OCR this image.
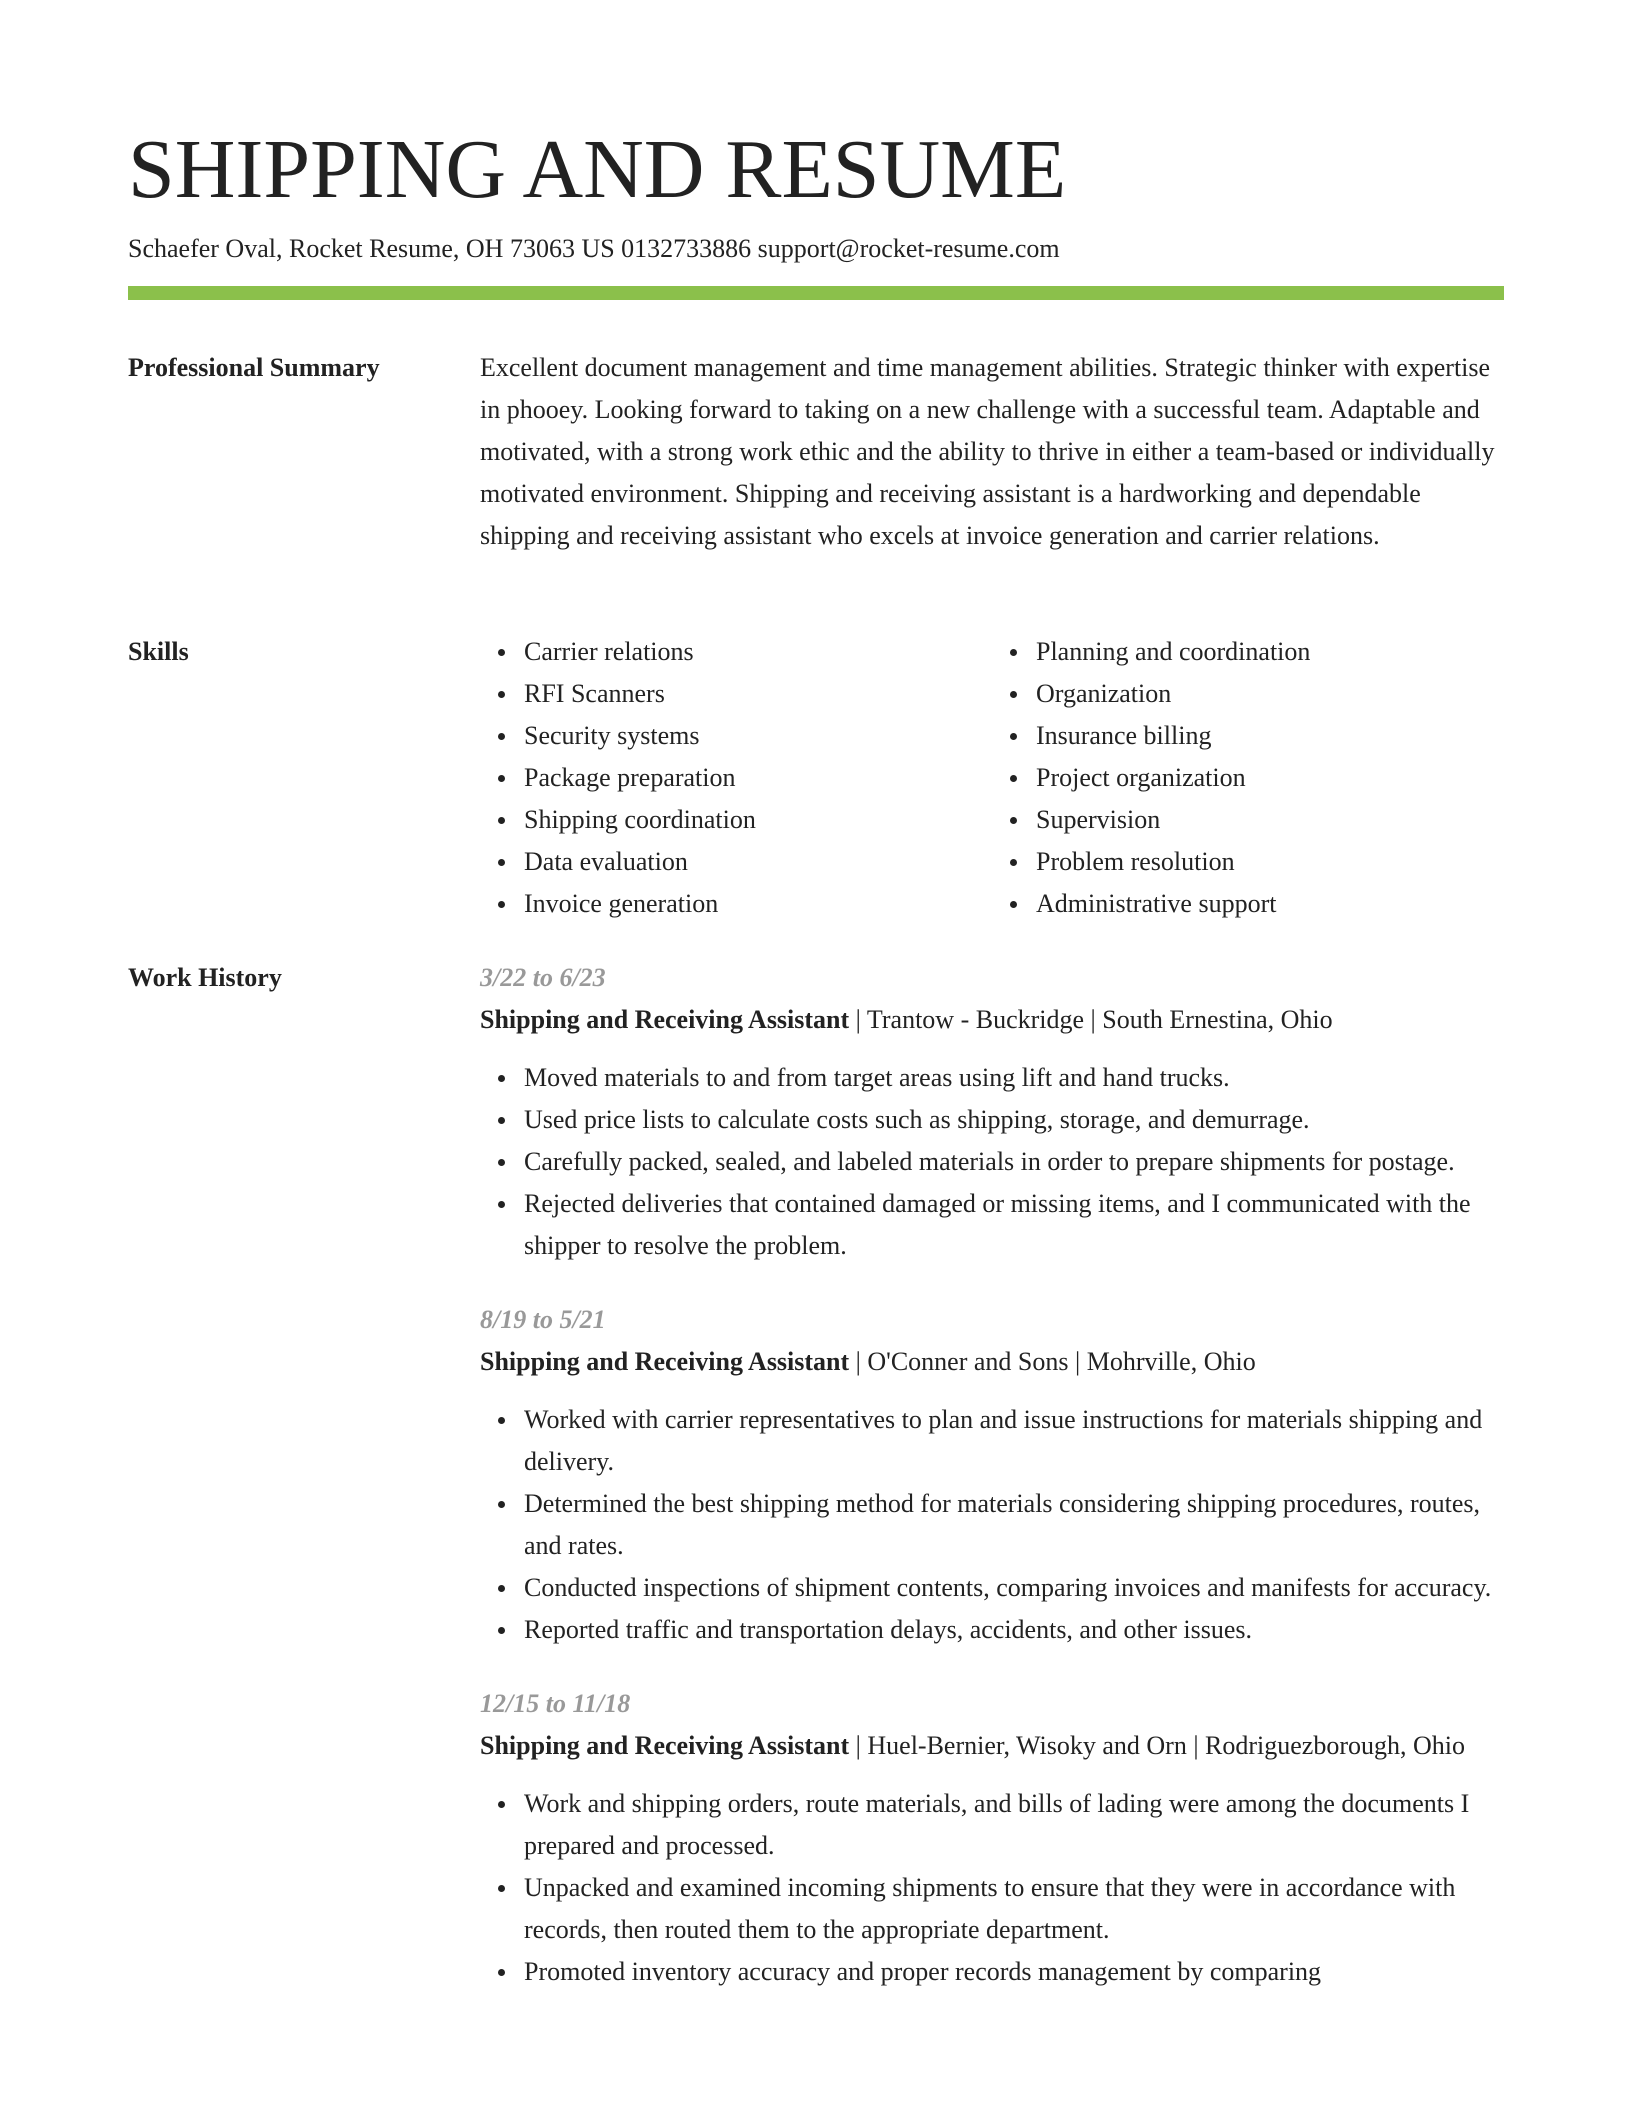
SHIPPING AND RESUME
Schaefer Oval, Rocket Resume, OH 73063 US 0132733886 support@rocket-resume.com
Professional Summary	Excellent document management and time management abilities. Strategic thinker with expertise in phooey. Looking forward to taking on a new challenge with a successful team. Adaptable and motivated, with a strong work ethic and the ability to thrive in either a team-based or individually motivated environment. Shipping and receiving assistant is a hardworking and dependable shipping and receiving assistant who excels at invoice generation and carrier relations.

Skills	Carrier relations
RFI Scanners
Security systems
Package preparation
Shipping coordination
Data evaluation
Invoice generation
Planning and coordination
Organization
Insurance billing
Project organization
Supervision
Problem resolution
Administrative support
Work History	3/22 to 6/23
Shipping and Receiving Assistant | Trantow - Buckridge | South Ernestina, Ohio
Moved materials to and from target areas using lift and hand trucks.
Used price lists to calculate costs such as shipping, storage, and demurrage.
Carefully packed, sealed, and labeled materials in order to prepare shipments for postage.
Rejected deliveries that contained damaged or missing items, and I communicated with the shipper to resolve the problem.
8/19 to 5/21
Shipping and Receiving Assistant | O'Conner and Sons | Mohrville, Ohio
Worked with carrier representatives to plan and issue instructions for materials shipping and delivery.
Determined the best shipping method for materials considering shipping procedures, routes, and rates.
Conducted inspections of shipment contents, comparing invoices and manifests for accuracy.
Reported traffic and transportation delays, accidents, and other issues.
12/15 to 11/18
Shipping and Receiving Assistant | Huel-Bernier, Wisoky and Orn | Rodriguezborough, Ohio
Work and shipping orders, route materials, and bills of lading were among the documents I prepared and processed.
Unpacked and examined incoming shipments to ensure that they were in accordance with records, then routed them to the appropriate department.
Promoted inventory accuracy and proper records management by comparing
